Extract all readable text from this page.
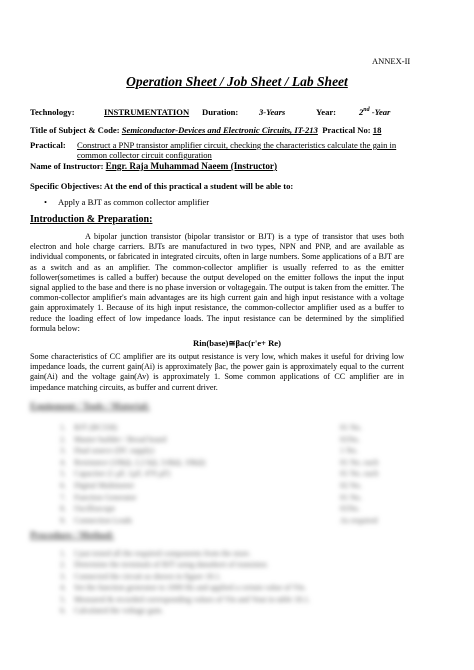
ANNEX-II
Operation Sheet / Job Sheet / Lab Sheet
Technology:	INSTRUMENTATION Duration: 3-Years	Year:	2nd -Year
Title of Subject & Code: Semiconductor-Devices and Electronic Circuits, IT-213 Practical No: 18
Practical: Construct a PNP transistor amplifier circuit, checking the characteristics calculate the gain in common collector circuit configuration
Name of Instructor: Engr. Raja Muhammad Naeem (Instructor)
Specific Objectives: At the end of this practical a student will be able to:
• Apply a BJT as common collector amplifier
Introduction & Preparation:
A bipolar junction transistor (bipolar transistor or BJT) is a type of transistor that uses both electron and hole charge carriers. BJTs are manufactured in two types, NPN and PNP, and are available as individual components, or fabricated in integrated circuits, often in large numbers. Some applications of a BJT are as a switch and as an amplifier. The common-collector amplifier is usually referred to as the emitter follower(sometimes is called a buffer) because the output developed on the emitter follows the input the input signal applied to the base and there is no phase inversion or voltagegain. The output is taken from the emitter. The common-collector amplifier's main advantages are its high current gain and high input resistance with a voltage gain approximately 1. Because of its high input resistance, the common-collector amplifier used as a buffer to reduce the loading effect of low impedance loads. The input resistance can be determined by the simplified formula below:
Rin(base)≅βac(r'e+ Re)
Some characteristics of CC amplifier are its output resistance is very low, which makes it useful for driving low impedance loads, the current gain(Ai) is approximately βac, the power gain is approximately equal to the current gain(Ai) and the voltage gain(Av) is approximately 1. Some common applications of CC amplifier are in impedance matching circuits, as buffer and current driver.
Equipment / Tools / Material:
1. BJT (BC558)	01 No.
2. Master builder / Bread board	01No.
3. Dual source (DC supply)	1 No.
4. Resistance (10kΩ, 2.2 kΩ, 3.6kΩ, 10kΩ)	01 No. each
5. Capacitor (1 µF, 1µF, 470 µF)	01 No. each
6. Digital Multimeter	02 No.
7. Function Generator	01 No.
8. Oscilloscope	01No.
9. Connection Leads	As required
Procedure / Method:
1. I just tested all the required components from the store.
2. Determine the terminals of BJT using datasheet of transistor.
3. Connected the circuit as shown in figure 18.1.
4. Set the function generator to 1000 Hz and applied a certain value of Vin.
5. Measured & recorded corresponding values of Vin and Vout in table 18.1.
6. Calculated the voltage gain.
